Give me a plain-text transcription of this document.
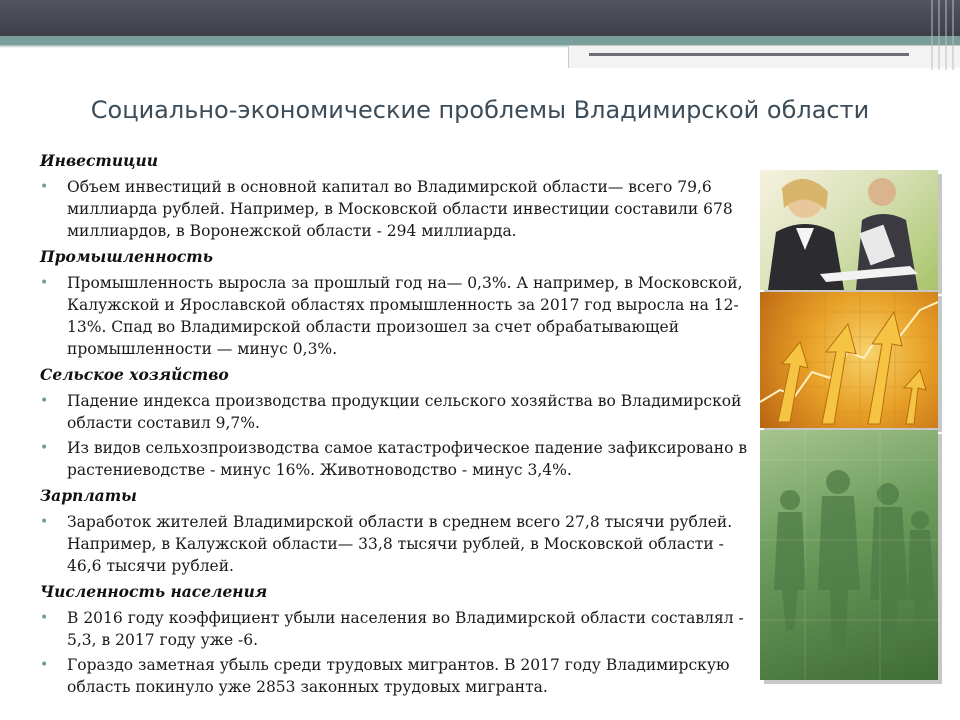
Социально-экономические проблемы Владимирской области
Инвестиции
• Объем инвестиций в основной капитал во Владимирской области— всего 79,6 миллиарда рублей. Например, в Московской области инвестиции составили 678 миллиардов, в Воронежской области - 294 миллиарда.
Промышленность
• Промышленность выросла за прошлый год на— 0,3%. А например, в Московской, Калужской и Ярославской областях промышленность за 2017 год выросла на 12-13%. Спад во Владимирской области произошел за счет обрабатывающей промышленности — минус 0,3%.
Сельское хозяйство
• Падение индекса производства продукции сельского хозяйства во Владимирской области составил 9,7%.
• Из видов сельхозпроизводства самое катастрофическое падение зафиксировано в растениеводстве - минус 16%. Животноводство - минус 3,4%.
Зарплаты
• Заработок жителей Владимирской области в среднем всего 27,8 тысячи рублей. Например, в Калужской области— 33,8 тысячи рублей, в Московской области - 46,6 тысячи рублей.
Численность населения
• В 2016 году коэффициент убыли населения во Владимирской области составлял - 5,3, в 2017 году уже -6.
• Гораздо заметная убыль среди трудовых мигрантов. В 2017 году Владимирскую область покинуло уже 2853 законных трудовых мигранта.
